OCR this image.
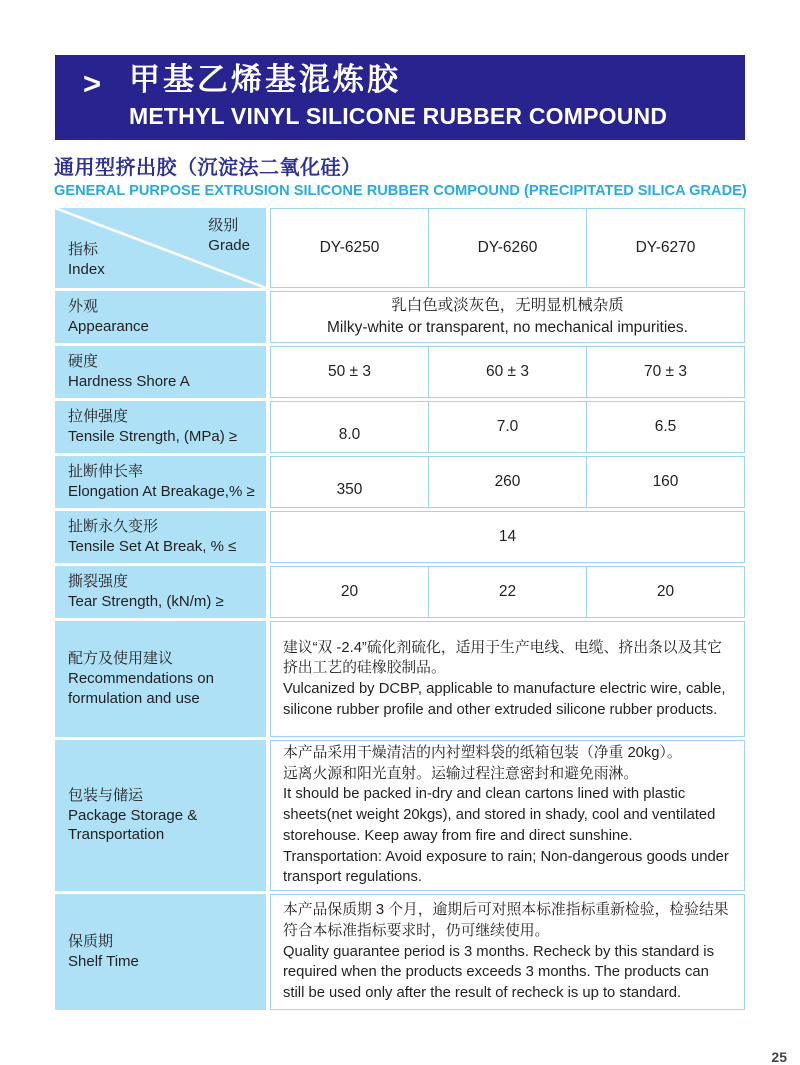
> 甲基乙烯基混炼胶
METHYL VINYL SILICONE RUBBER COMPOUND
通用型挤出胶（沉淀法二氧化硅）
GENERAL PURPOSE EXTRUSION SILICONE RUBBER COMPOUND (PRECIPITATED SILICA GRADE)
级别
Grade
指标
Index
DY-6250	DY-6260	DY-6270
外观
Appearance
乳白色或淡灰色，无明显机械杂质
Milky-white or transparent, no mechanical impurities.
硬度
Hardness Shore A
50 ± 3	60 ± 3	70 ± 3
拉伸强度
Tensile Strength, (MPa) ≥	8.0	7.0	6.5
扯断伸长率
Elongation At Breakage,% ≥	350	260	160
扯断永久变形
Tensile Set At Break, % ≤
14
撕裂强度
Tear Strength, (kN/m) ≥
20	22	20
配方及使用建议
Recommendations on formulation and use
建议“双 -2.4”硫化剂硫化，适用于生产电线、电缆、挤出条以及其它挤出工艺的硅橡胶制品。
Vulcanized by DCBP, applicable to manufacture electric wire, cable, silicone rubber profile and other extruded silicone rubber products.
包装与储运
Package Storage & Transportation
本产品采用干燥清洁的内衬塑料袋的纸箱包装（净重 20kg）。
远离火源和阳光直射。运输过程注意密封和避免雨淋。
It should be packed in-dry and clean cartons lined with plastic sheets(net weight 20kgs), and stored in shady, cool and ventilated storehouse. Keep away from fire and direct sunshine.
Transportation: Avoid exposure to rain; Non-dangerous goods under transport regulations.
保质期
Shelf Time
本产品保质期 3 个月，逾期后可对照本标准指标重新检验，检验结果符合本标准指标要求时，仍可继续使用。
Quality guarantee period is 3 months. Recheck by this standard is required when the products exceeds 3 months. The products can still be used only after the result of recheck is up to standard.
25
